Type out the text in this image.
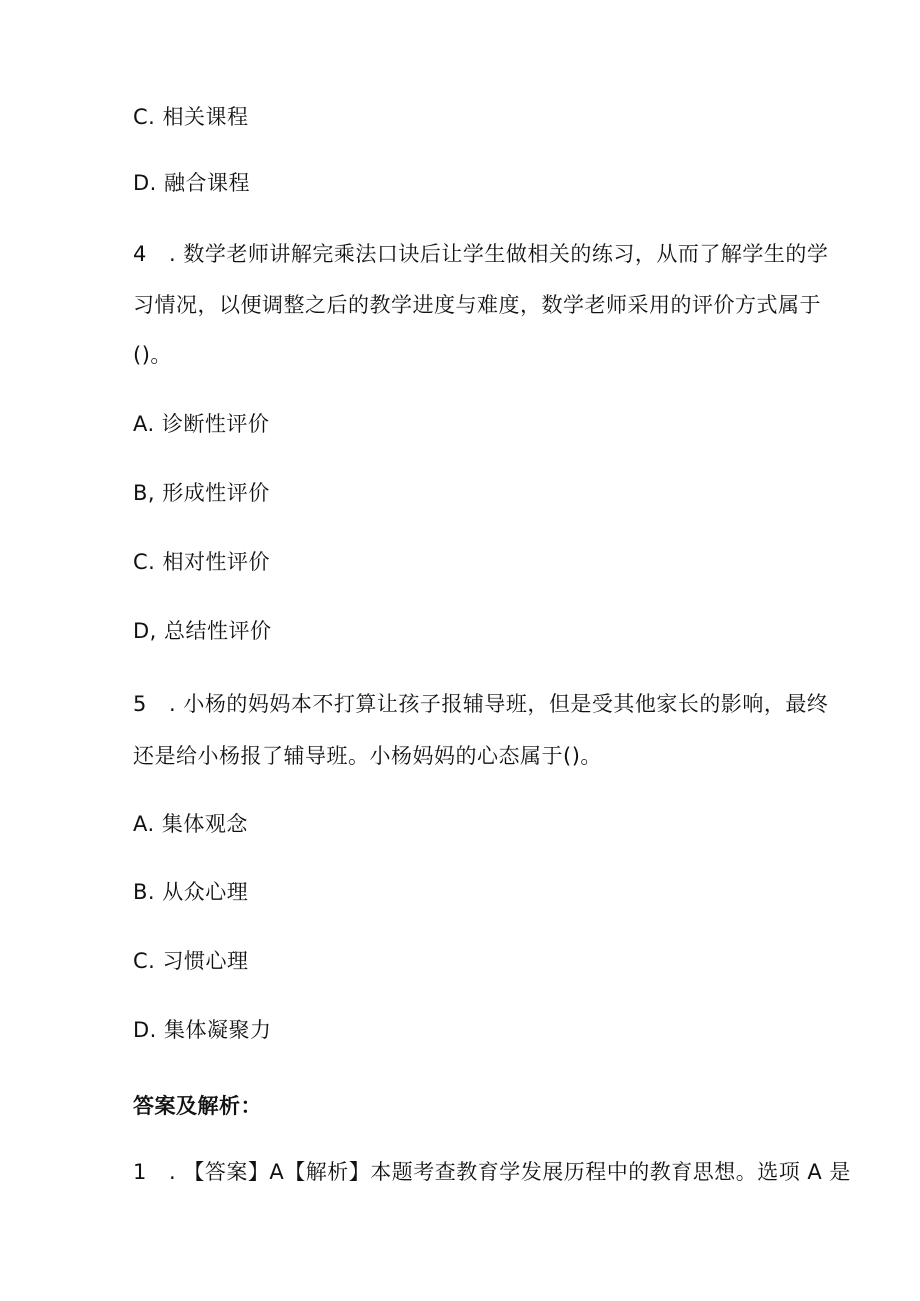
C. 相关课程
D. 融合课程
4 . 数学老师讲解完乘法口诀后让学生做相关的练习，从而了解学生的学
习情况，以便调整之后的教学进度与难度，数学老师采用的评价方式属于
()。
A. 诊断性评价
B, 形成性评价
C. 相对性评价
D, 总结性评价
5 . 小杨的妈妈本不打算让孩子报辅导班，但是受其他家长的影响，最终
还是给小杨报了辅导班。小杨妈妈的心态属于()。
A. 集体观念
B. 从众心理
C. 习惯心理
D. 集体凝聚力
答案及解析：
1 . 【答案】A【解析】本题考查教育学发展历程中的教育思想。选项 A 是
